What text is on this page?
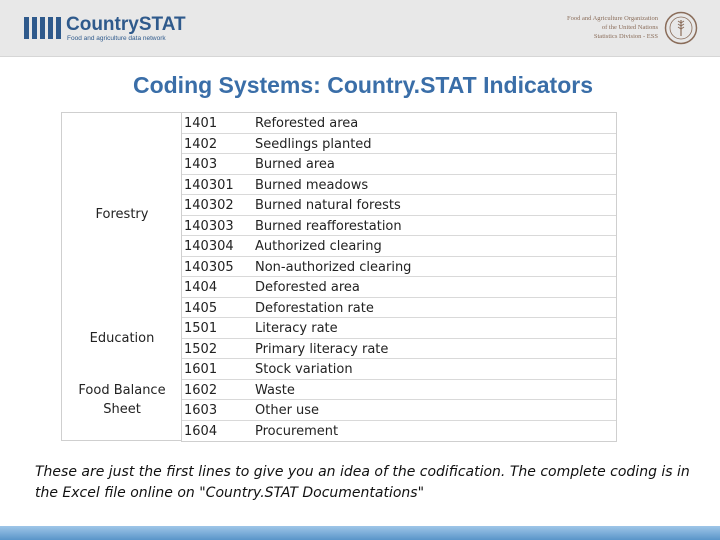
CountrySTAT
Food and agriculture data network
Food and Agriculture Organization
of the United Nations
Statistics Division - ESS
Coding Systems: Country.STAT Indicators
Forestry
Education
Food Balance Sheet
1401	Reforested area
1402	Seedlings planted
1403	Burned area
140301 Burned meadows
140302 Burned natural forests
140303 Burned reafforestation
140304 Authorized clearing
140305 Non-authorized clearing
1404	Deforested area
1405	Deforestation rate
1501	Literacy rate
1502	Primary literacy rate
1601	Stock variation
1602	Waste
1603	Other use
1604	Procurement
These are just the first lines to give you an idea of the codification. The complete coding is in the Excel file online on "Country.STAT Documentations"
